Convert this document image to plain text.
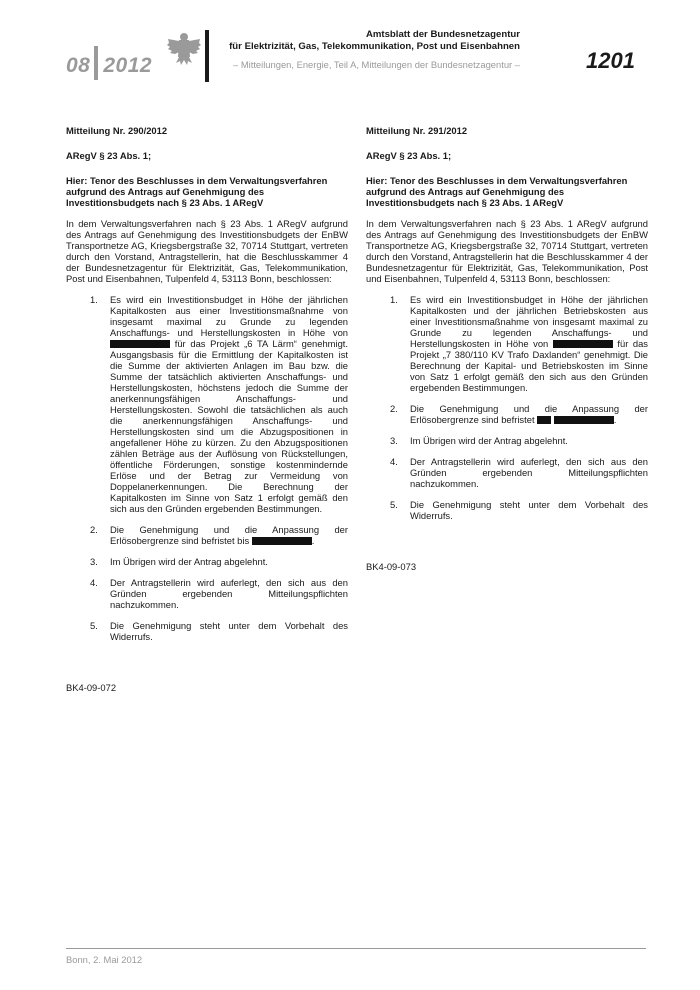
08 2012
Amtsblatt der Bundesnetzagentur
für Elektrizität, Gas, Telekommunikation, Post und Eisenbahnen
– Mitteilungen, Energie, Teil A, Mitteilungen der Bundesnetzagentur –	1201

Mitteilung Nr. 290/2012

ARegV § 23 Abs. 1;

Hier: Tenor des Beschlusses in dem Verwaltungsverfahren aufgrund des Antrags auf Genehmigung des Investitionsbudgets nach § 23 Abs. 1 ARegV

In dem Verwaltungsverfahren nach § 23 Abs. 1 ARegV aufgrund des Antrags auf Genehmigung des Investitionsbudgets der EnBW Transportnetze AG, Kriegsbergstraße 32, 70714 Stuttgart, vertreten durch den Vorstand, Antragstellerin, hat die Beschlusskammer 4 der Bundesnetzagentur für Elektrizität, Gas, Telekommunikation, Post und Eisenbahnen, Tulpenfeld 4, 53113 Bonn, beschlossen:

1. Es wird ein Investitionsbudget in Höhe der jährlichen Kapitalkosten aus einer Investitionsmaßnahme von insgesamt maximal zu Grunde zu legenden Anschaffungs- und Herstellungskosten in Höhe von  für das Projekt „6 TA Lärm“ genehmigt. Ausgangsbasis für die Ermittlung der Kapitalkosten ist die Summe der aktivierten Anlagen im Bau bzw. die Summe der tatsächlich aktivierten Anschaffungs- und Herstellungskosten, höchstens jedoch die Summe der anerkennungsfähigen Anschaffungs- und Herstellungskosten. Sowohl die tatsächlichen als auch die anerkennungsfähigen Anschaffungs- und Herstellungskosten sind um die Abzugspositionen in angefallener Höhe zu kürzen. Zu den Abzugspositionen zählen Beträge aus der Auflösung von Rückstellungen, öffentliche Förderungen, sonstige kostenmindernde Erlöse und der Betrag zur Vermeidung von Doppelanerkennungen. Die Berechnung der Kapitalkosten im Sinne von Satz 1 erfolgt gemäß den sich aus den Gründen ergebenden Bestimmungen.
2. Die Genehmigung und die Anpassung der Erlösobergrenze sind befristet bis	.
3. Im Übrigen wird der Antrag abgelehnt.
4. Der Antragstellerin wird auferlegt, den sich aus den Gründen ergebenden Mitteilungspflichten nachzukommen.
5. Die Genehmigung steht unter dem Vorbehalt des Widerrufs.

BK4-09-072

Mitteilung Nr. 291/2012

ARegV § 23 Abs. 1;

Hier: Tenor des Beschlusses in dem Verwaltungsverfahren aufgrund des Antrags auf Genehmigung des Investitionsbudgets nach § 23 Abs. 1 ARegV

In dem Verwaltungsverfahren nach § 23 Abs. 1 ARegV aufgrund des Antrags auf Genehmigung des Investitionsbudgets der EnBW Transportnetze AG, Kriegsbergstraße 32, 70714 Stuttgart, vertreten durch den Vorstand, Antragstellerin hat die Beschlusskammer 4 der Bundesnetzagentur für Elektrizität, Gas, Telekommunikation, Post und Eisenbahnen, Tulpenfeld 4, 53113 Bonn, beschlossen:

1. Es wird ein Investitionsbudget in Höhe der jährlichen Kapitalkosten und der jährlichen Betriebskosten aus einer Investitionsmaßnahme von insgesamt maximal zu Grunde zu legenden Anschaffungs- und Herstellungskosten in Höhe von	für das Projekt „7 380/110 KV Trafo Daxlanden“ genehmigt. Die Berechnung der Kapital- und Betriebskosten im Sinne von Satz 1 erfolgt gemäß den sich aus den Gründen ergebenden Bestimmungen.
2. Die Genehmigung und die Anpassung der Erlösobergrenze sind befristet	.
3. Im Übrigen wird der Antrag abgelehnt.
4. Der Antragstellerin wird auferlegt, den sich aus den Gründen ergebenden Mitteilungspflichten nachzukommen.
5. Die Genehmigung steht unter dem Vorbehalt des Widerrufs.

BK4-09-073

Bonn, 2. Mai 2012
